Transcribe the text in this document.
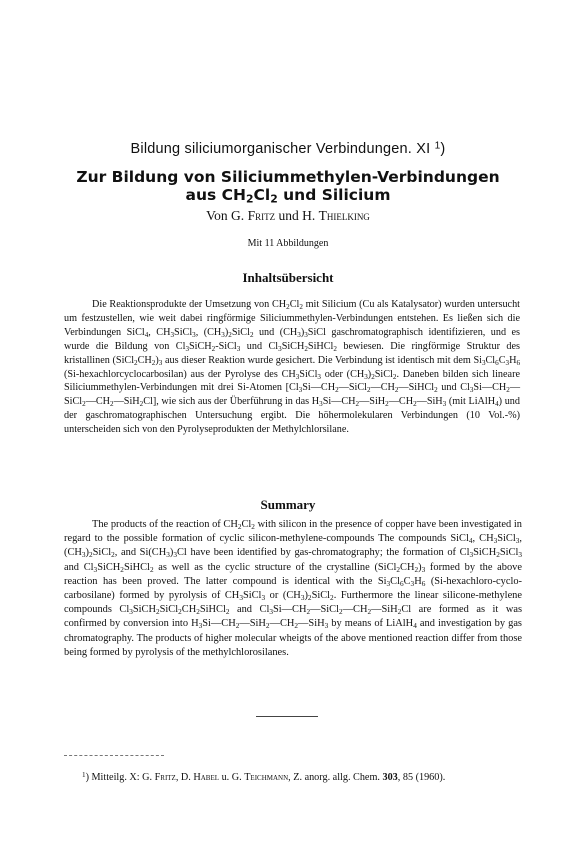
Bildung siliciumorganischer Verbindungen. XI $^1$)
Zur Bildung von Siliciummethylen-Verbindungen
aus $CH_2Cl_2$ und Silicium
Von G. Fritz und H. Thielking
Mit 11 Abbildungen
Inhaltsübersicht

Die Reaktionsprodukte der Umsetzung von $CH_2Cl_2$ mit Silicium (Cu als Katalysator) wurden untersucht um festzustellen, wie weit dabei ringförmige Siliciummethylen-Verbindungen entstehen. Es ließen sich die Verbindungen SiCl$_4$, $CH_3SiCl_3$, $(CH_3)_2SiCl_2$ und $(CH_3)_3SiCl$ gaschromatographisch identifizieren, und es wurde die Bildung von $Cl_3SiCH_2-SiCl_3$ und $Cl_3SiCH_2SiHCl_2$ bewiesen. Die ringförmige Struktur des kristallinen $(SiCl_2CH_2)_3$ aus dieser Reaktion wurde gesichert. Die Verbindung ist identisch mit dem $Si_3Cl_6C_3H_6$ (Si-hexachlorcyclocarbosilan) aus der Pyrolyse des $CH_3SiCl_3$ oder $(CH_3)_2SiCl_2$. Daneben bilden sich lineare Siliciummethylen-Verbindungen mit drei Si-Atomen [$Cl_3Si—CH_2—SiCl_2—CH_2—SiHCl_2$ und $Cl_3Si—CH_2—SiCl_2—CH_2—SiH_2Cl$], wie sich aus der Überführung in das $H_3Si—CH_2—SiH_2—CH_2—SiH_3$ (mit LiAlH$_4$) und der gaschromatographischen Untersuchung ergibt. Die höhermolekularen Verbindungen (10 Vol.-%) unterscheiden sich von den Pyrolyseprodukten der Methylchlorsilane.

Summary

The products of the reaction of $CH_2Cl_2$ with silicon in the presence of copper have been investigated in regard to the possible formation of cyclic silicon-methylene-compounds The compounds SiCl$_4$, $CH_3SiCl_3$, $(CH_3)_2SiCl_2$, and $Si(CH_3)_3Cl$ have been identified by gas-chromatography; the formation of $Cl_3SiCH_2SiCl_3$ and $Cl_3SiCH_2SiHCl_2$ as well as the cyclic structure of the crystalline $(SiCl_2CH_2)_3$ formed by the above reaction has been proved. The latter compound is identical with the $Si_3Cl_6C_3H_6$ (Si-hexachloro-cyclo-carbosilane) formed by pyrolysis of $CH_3SiCl_3$ or $(CH_3)_2SiCl_2$. Furthermore the linear silicone-methylene compounds $Cl_3SiCH_2SiCl_2CH_2SiHCl_2$ and $Cl_3Si—CH_2—SiCl_2—CH_2—SiH_2Cl$ are formed as it was confirmed by conversion into $H_3Si—CH_2—SiH_2—CH_2—SiH_3$ by means of LiAlH$_4$ and investigation by gas chromatography. The products of higher molecular wheigts of the above mentioned reaction differ from those being formed by pyrolysis of the methylchlorosilanes.

$^1$) Mitteilg. X: G. Fritz, D. Habel u. G. Teichmann, Z. anorg. allg. Chem. 303, 85 (1960).
